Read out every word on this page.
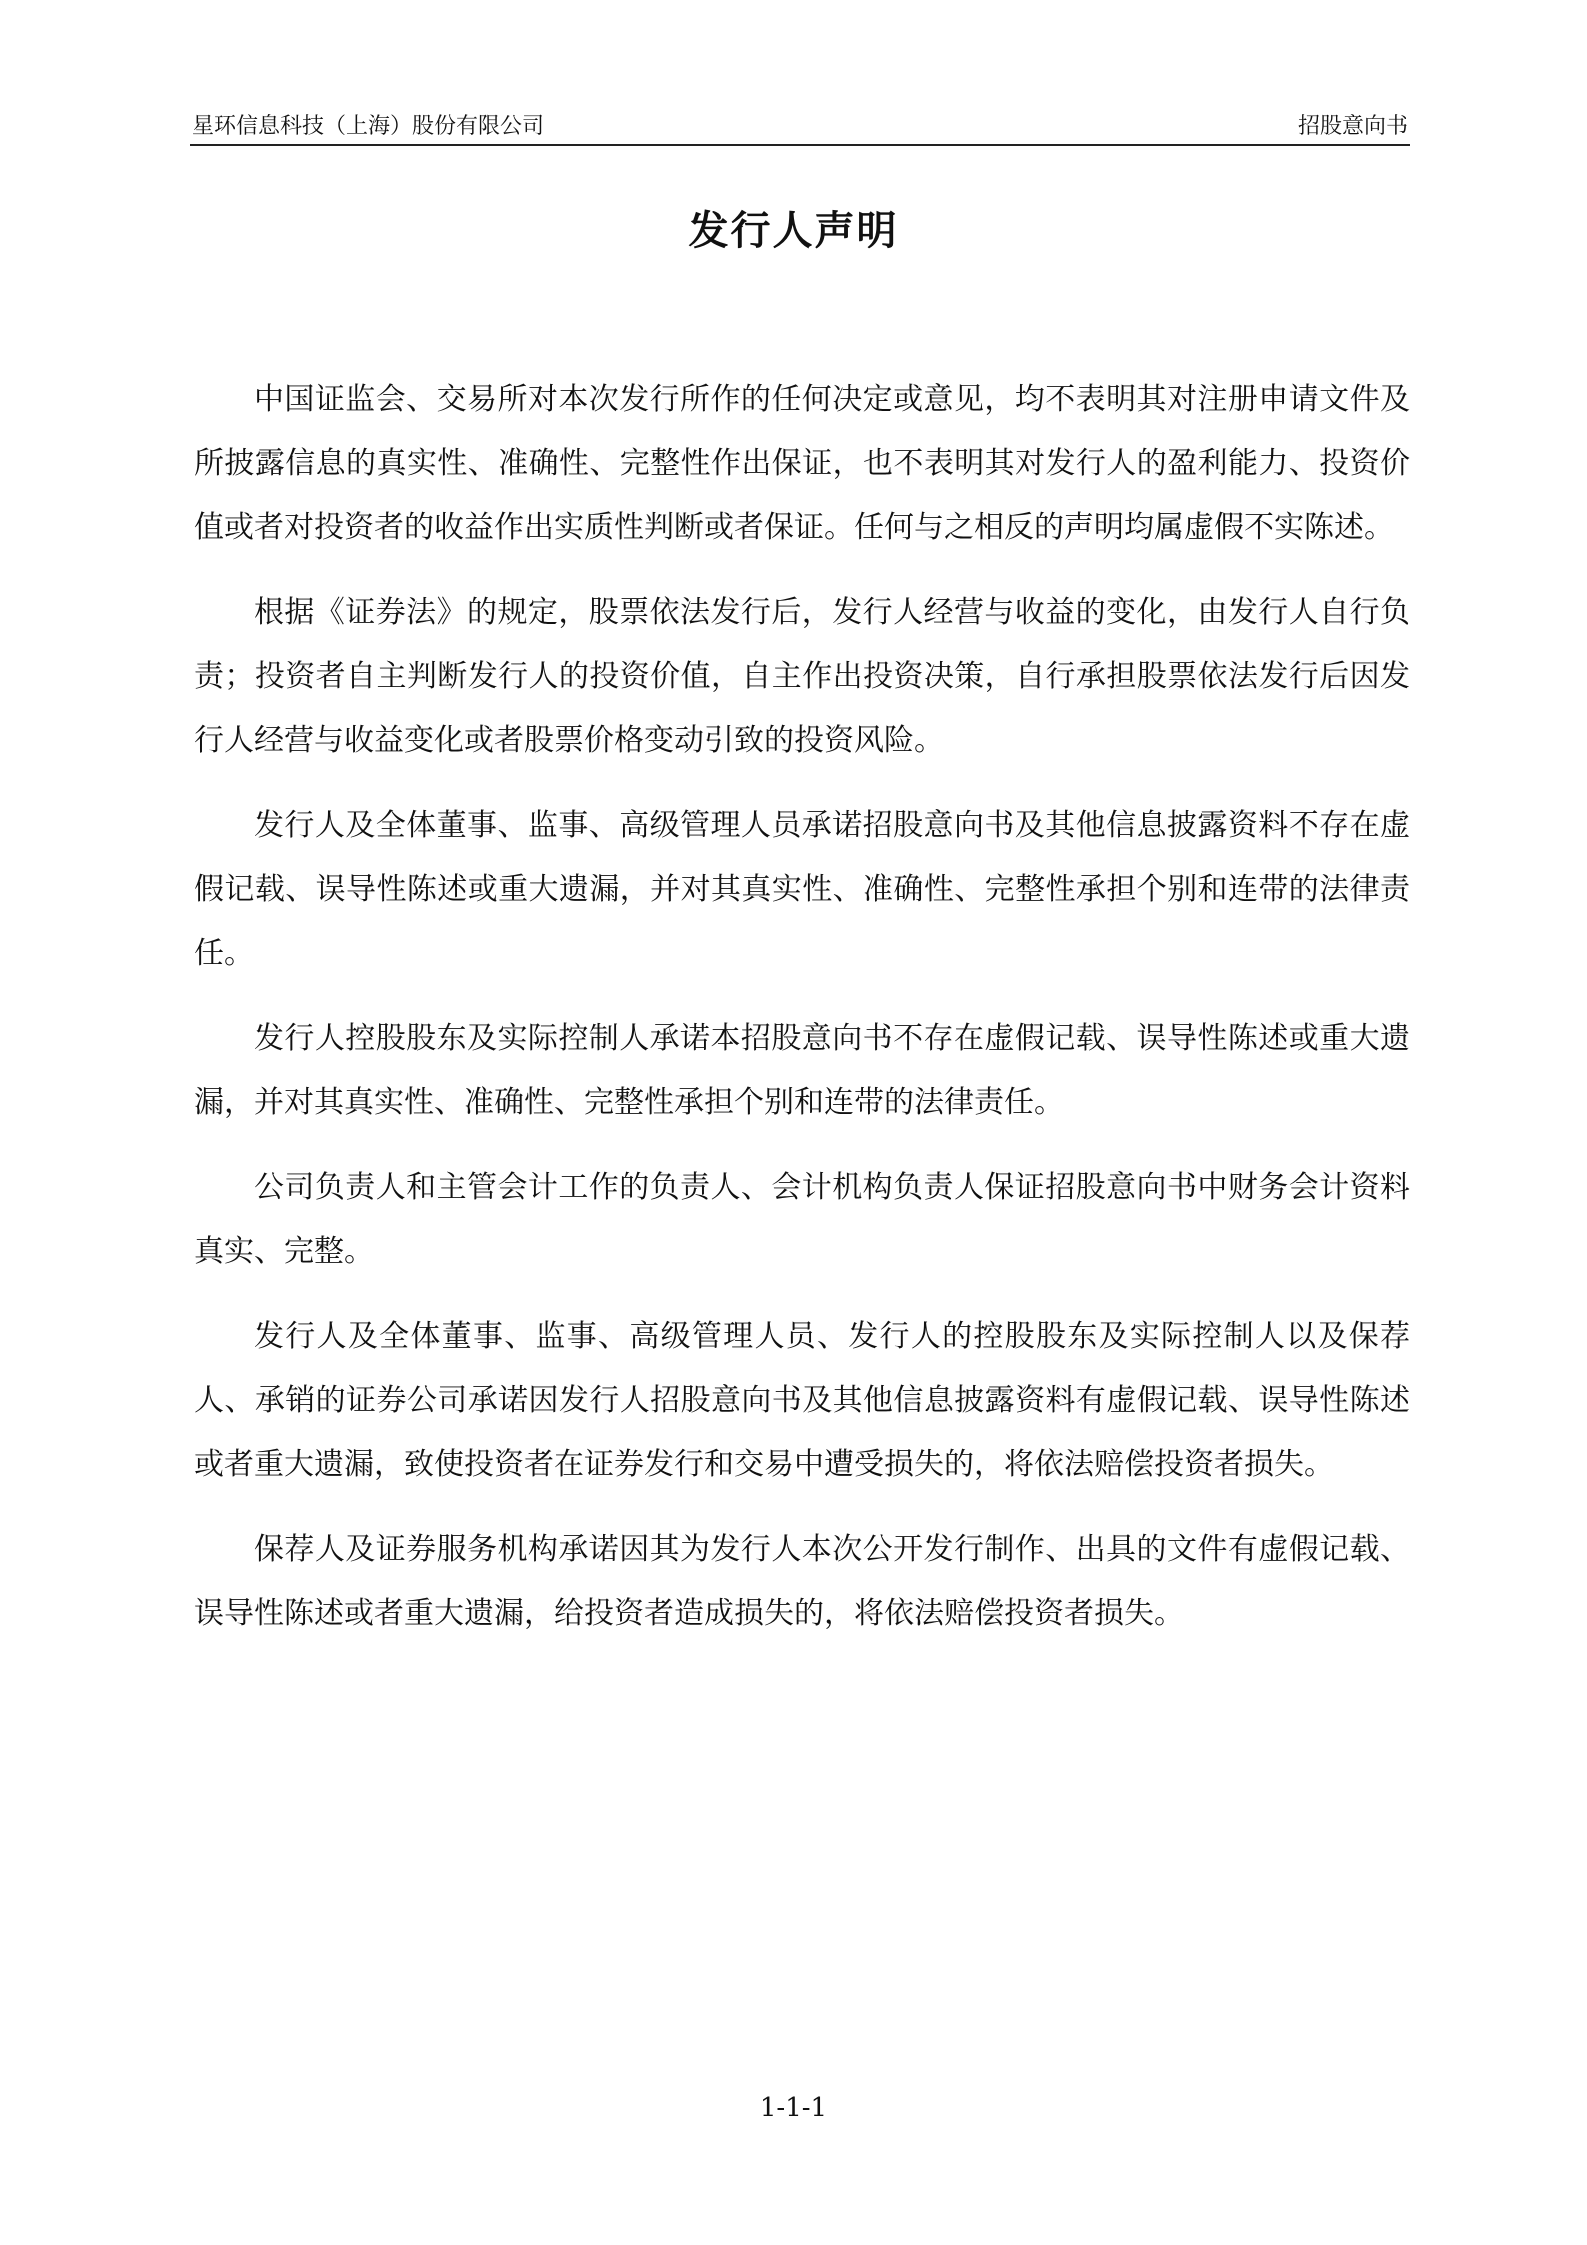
星环信息科技（上海）股份有限公司	招股意向书
发行人声明

中国证监会、交易所对本次发行所作的任何决定或意见，均不表明其对注册申请文件及所披露信息的真实性、准确性、完整性作出保证，也不表明其对发行人的盈利能力、投资价值或者对投资者的收益作出实质性判断或者保证。任何与之相反的声明均属虚假不实陈述。

根据《证券法》的规定，股票依法发行后，发行人经营与收益的变化，由发行人自行负责；投资者自主判断发行人的投资价值，自主作出投资决策，自行承担股票依法发行后因发行人经营与收益变化或者股票价格变动引致的投资风险。

发行人及全体董事、监事、高级管理人员承诺招股意向书及其他信息披露资料不存在虚假记载、误导性陈述或重大遗漏，并对其真实性、准确性、完整性承担个别和连带的法律责任。

发行人控股股东及实际控制人承诺本招股意向书不存在虚假记载、误导性陈述或重大遗漏，并对其真实性、准确性、完整性承担个别和连带的法律责任。

公司负责人和主管会计工作的负责人、会计机构负责人保证招股意向书中财务会计资料真实、完整。

发行人及全体董事、监事、高级管理人员、发行人的控股股东及实际控制人以及保荐人、承销的证券公司承诺因发行人招股意向书及其他信息披露资料有虚假记载、误导性陈述或者重大遗漏，致使投资者在证券发行和交易中遭受损失的，将依法赔偿投资者损失。

保荐人及证券服务机构承诺因其为发行人本次公开发行制作、出具的文件有虚假记载、误导性陈述或者重大遗漏，给投资者造成损失的，将依法赔偿投资者损失。

1-1-1
